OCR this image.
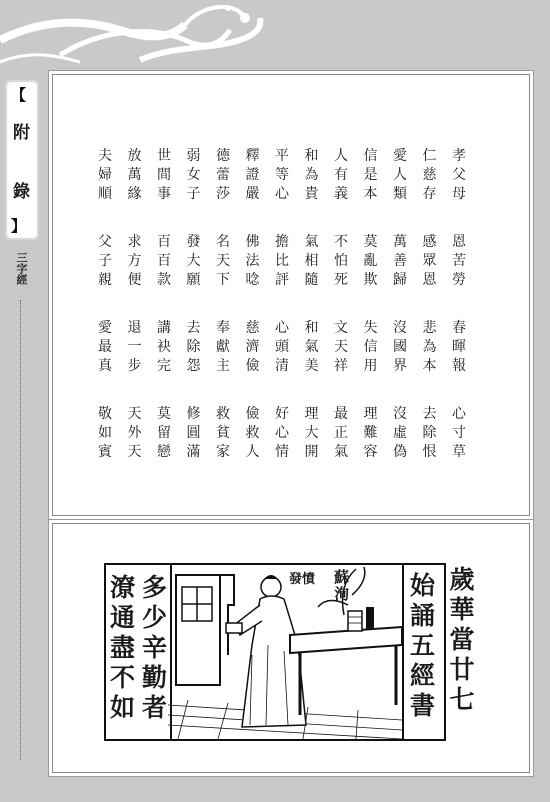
【
附
錄
】
三字經
孝
父
母
恩
苦
勞
春
暉
報
心
寸
草
仁
慈
存
感
眾
恩
悲
為
本
去
除
恨
愛
人
類
萬
善
歸
沒
國
界
沒
虛
偽
信
是
本
莫
亂
欺
失
信
用
理
難
容
人
有
義
不
怕
死
文
天
祥
最
正
氣
和
為
貴
氣
相
隨
和
氣
美
理
大
開
平
等
心
擔
比
評
心
頭
清
好
心
情
釋
證
嚴
佛
法
唸
慈
濟
儉
儉
救
人
德
蕾
莎
名
天
下
奉
獻
主
救
貧
家
弱
女
子
發
大
願
去
除
怨
修
圓
滿
世
間
事
百
百
款
講
袂
完
莫
留
戀
放
萬
緣
求
方
便
退
一
步
天
外
天
夫
婦
順
父
子
親
愛
最
真
敬
如
賓
多
少
辛
勤
者
潦
通
盡
不
如
蘇
洵
發憤	始
誦
五
經
書
歲
華
當
廿
七
